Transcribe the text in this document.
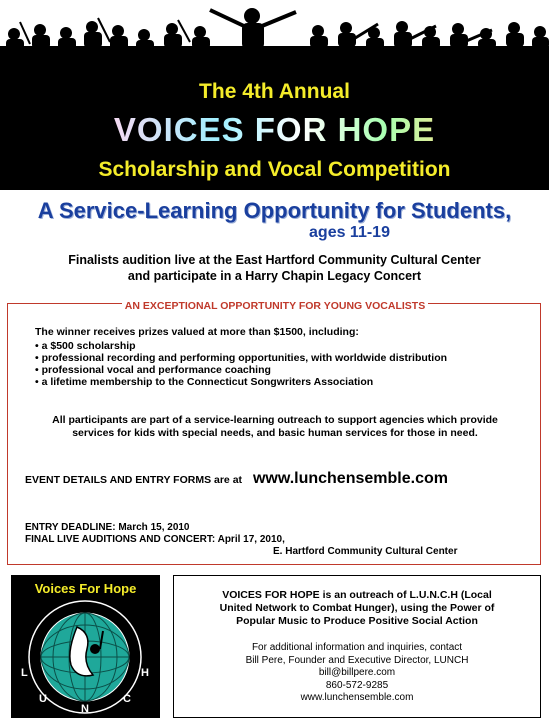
The 4th Annual
VOICES FOR HOPE
Scholarship and Vocal Competition
A Service-Learning Opportunity for Students,
ages 11-19
Finalists audition live at the East Hartford Community Cultural Center
and participate in a Harry Chapin Legacy Concert
AN EXCEPTIONAL OPPORTUNITY FOR YOUNG VOCALISTS
The winner receives prizes valued at more than $1500, including:
• a $500 scholarship
• professional recording and performing opportunities, with worldwide distribution
• professional vocal and performance coaching
• a lifetime membership to the Connecticut Songwriters Association
All participants are part of a service-learning outreach to support agencies which provide
services for kids with special needs, and basic human services for those in need.
EVENT DETAILS AND ENTRY FORMS are at www.lunchensemble.com
ENTRY DEADLINE: March 15, 2010
FINAL LIVE AUDITIONS AND CONCERT: April 17, 2010,
E. Hartford Community Cultural Center
Voices For Hope
L
U
N
C
H
VOICES FOR HOPE is an outreach of L.U.N.C.H (Local
United Network to Combat Hunger), using the Power of
Popular Music to Produce Positive Social Action
For additional information and inquiries, contact
Bill Pere, Founder and Executive Director, LUNCH
bill@billpere.com
860-572-9285
www.lunchensemble.com
